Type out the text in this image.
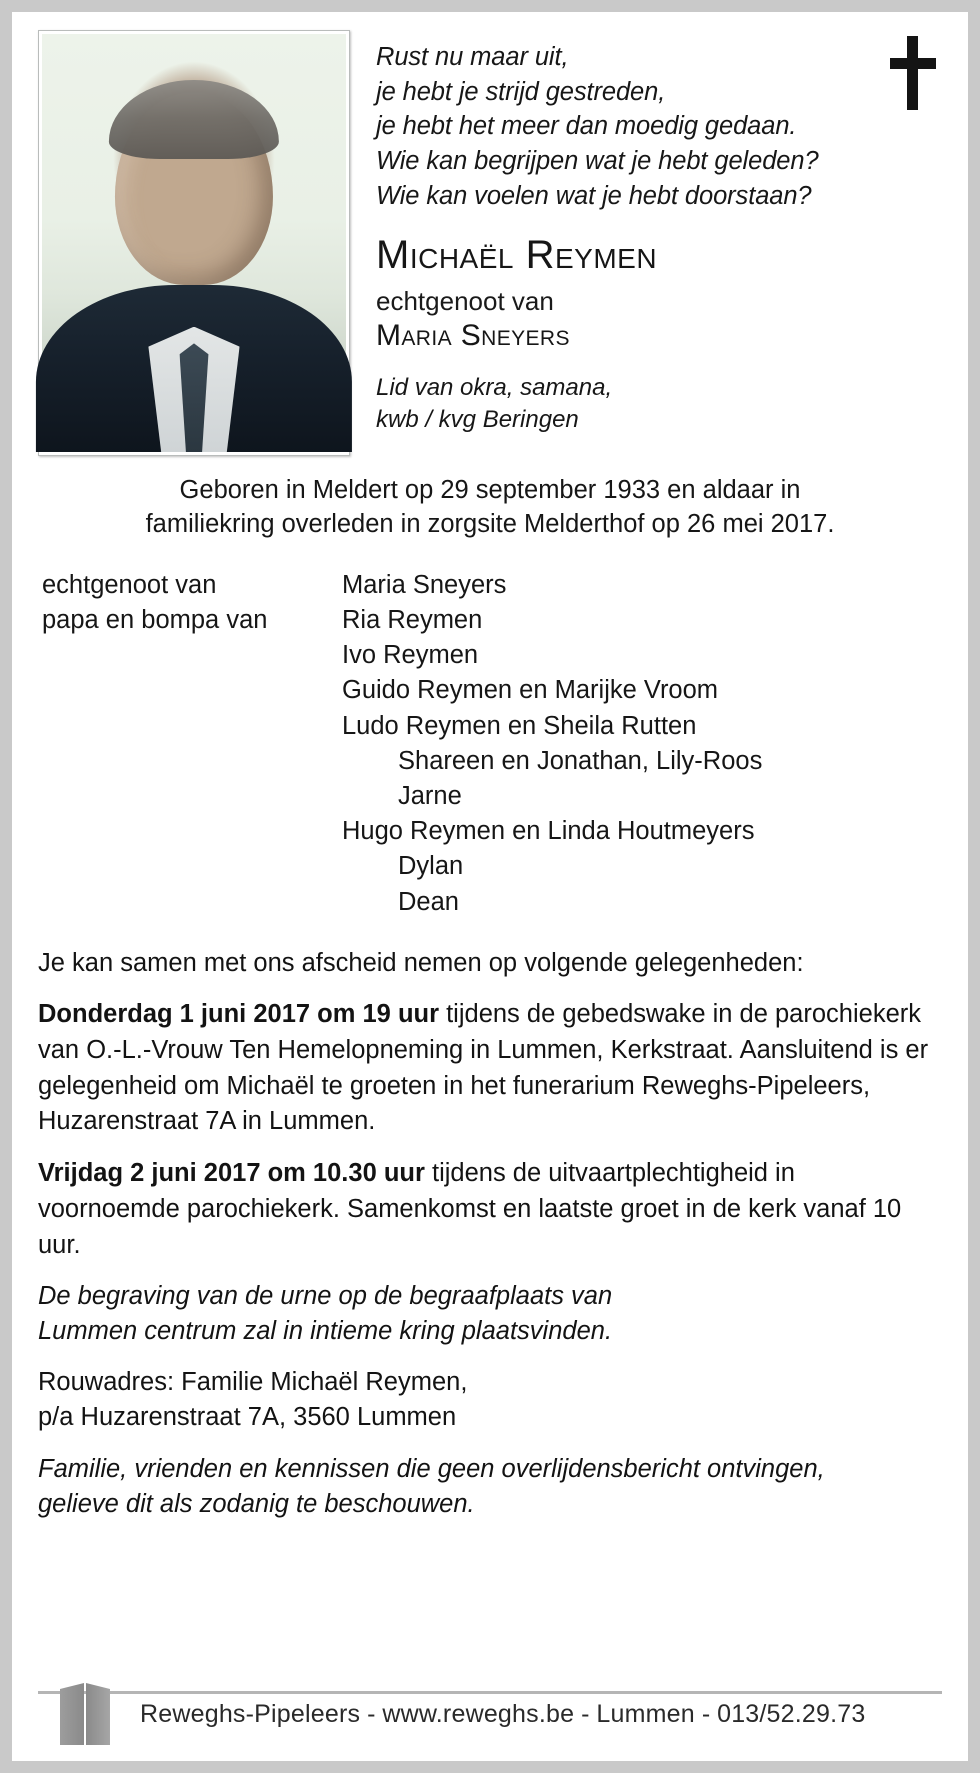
Rust nu maar uit,
je hebt je strijd gestreden,
je hebt het meer dan moedig gedaan.
Wie kan begrijpen wat je hebt geleden?
Wie kan voelen wat je hebt doorstaan?
Michaël Reymen
echtgenoot van
Maria Sneyers
Lid van okra, samana,
kwb / kvg Beringen
Geboren in Meldert op 29 september 1933 en aldaar in
familiekring overleden in zorgsite Melderthof op 26 mei 2017.
echtgenoot van	Maria Sneyers
papa en bompa van	Ria Reymen
Ivo Reymen
Guido Reymen en Marijke Vroom
Ludo Reymen en Sheila Rutten
Shareen en Jonathan, Lily-Roos
Jarne
Hugo Reymen en Linda Houtmeyers
Dylan
Dean

Je kan samen met ons afscheid nemen op volgende gelegenheden:

Donderdag 1 juni 2017 om 19 uur tijdens de gebedswake in de parochiekerk van O.-L.-Vrouw Ten Hemelopneming in Lummen, Kerkstraat. Aansluitend is er gelegenheid om Michaël te groeten in het funerarium Reweghs-Pipeleers, Huzarenstraat 7A in Lummen.

Vrijdag 2 juni 2017 om 10.30 uur tijdens de uitvaartplechtigheid in voornoemde parochiekerk. Samenkomst en laatste groet in de kerk vanaf 10 uur.

De begraving van de urne op de begraafplaats van
Lummen centrum zal in intieme kring plaatsvinden.

Rouwadres: Familie Michaël Reymen,
p/a Huzarenstraat 7A, 3560 Lummen

Familie, vrienden en kennissen die geen overlijdensbericht ontvingen,
gelieve dit als zodanig te beschouwen.

Reweghs-Pipeleers - www.reweghs.be - Lummen - 013/52.29.73
